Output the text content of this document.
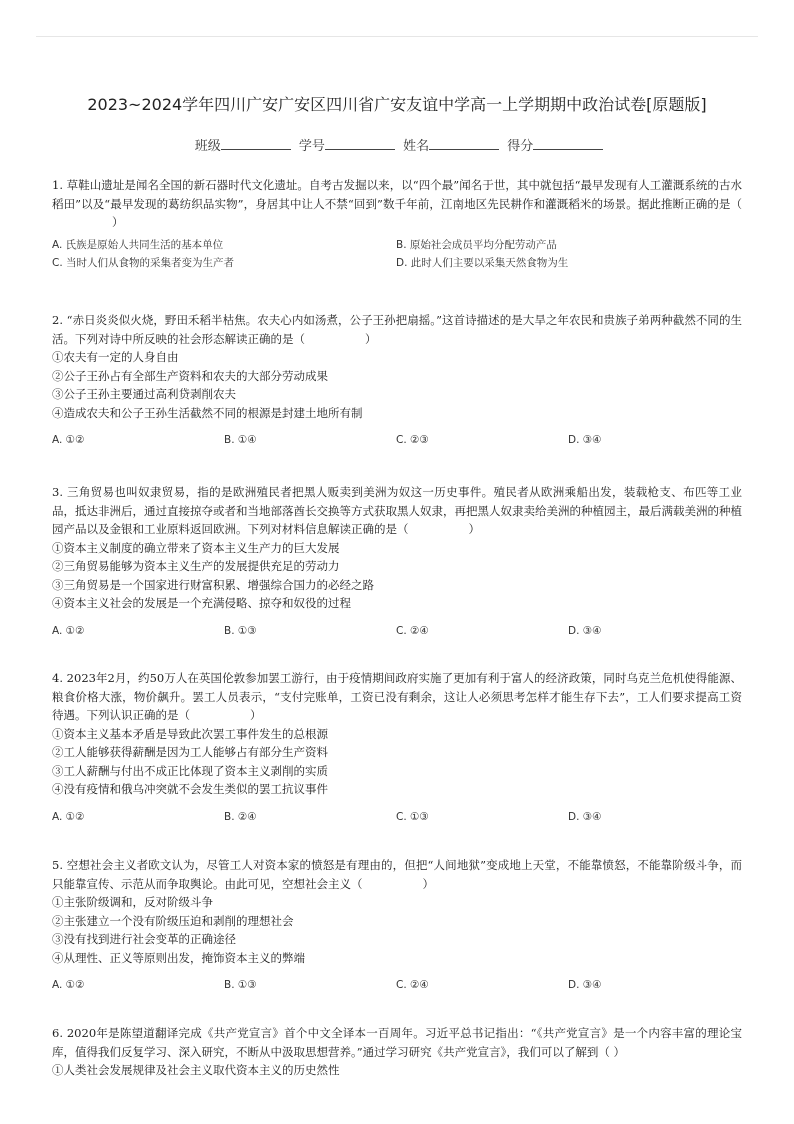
2023~2024学年四川广安广安区四川省广安友谊中学高一上学期期中政治试卷[原题版]
班级	学号	姓名	得分

1. 草鞋山遗址是闻名全国的新石器时代文化遗址。自考古发掘以来，以“四个最”闻名于世，其中就包括“最早发现有人工灌溉系统的古水稻田”以及“最早发现的葛纺织品实物”，身居其中让人不禁“回到”数千年前，江南地区先民耕作和灌溉稻米的场景。据此推断正确的是（）

A. 氏族是原始人共同生活的基本单位	B. 原始社会成员平均分配劳动产品
C. 当时人们从食物的采集者变为生产者	D. 此时人们主要以采集天然食物为生

2. “赤日炎炎似火烧，野田禾稻半枯焦。农夫心内如汤煮，公子王孙把扇摇。”这首诗描述的是大旱之年农民和贵族子弟两种截然不同的生活。下列对诗中所反映的社会形态解读正确的是（	）

①农夫有一定的人身自由

②公子王孙占有全部生产资料和农夫的大部分劳动成果

③公子王孙主要通过高利贷剥削农夫

④造成农夫和公子王孙生活截然不同的根源是封建土地所有制

A. ①②	B. ①④	C. ②③	D. ③④

3. 三角贸易也叫奴隶贸易，指的是欧洲殖民者把黑人贩卖到美洲为奴这一历史事件。殖民者从欧洲乘船出发，装载枪支、布匹等工业品，抵达非洲后，通过直接掠夺或者和当地部落酋长交换等方式获取黑人奴隶，再把黑人奴隶卖给美洲的种植园主，最后满载美洲的种植园产品以及金银和工业原料返回欧洲。下列对材料信息解读正确的是（	）

①资本主义制度的确立带来了资本主义生产力的巨大发展

②三角贸易能够为资本主义生产的发展提供充足的劳动力

③三角贸易是一个国家进行财富积累、增强综合国力的必经之路

④资本主义社会的发展是一个充满侵略、掠夺和奴役的过程

A. ①②	B. ①③	C. ②④	D. ③④

4. 2023年2月，约50万人在英国伦敦参加罢工游行，由于疫情期间政府实施了更加有利于富人的经济政策，同时乌克兰危机使得能源、粮食价格大涨，物价飙升。罢工人员表示，“支付完账单，工资已没有剩余，这让人必须思考怎样才能生存下去”，工人们要求提高工资待遇。下列认识正确的是（	）

①资本主义基本矛盾是导致此次罢工事件发生的总根源

②工人能够获得薪酬是因为工人能够占有部分生产资料

③工人薪酬与付出不成正比体现了资本主义剥削的实质

④没有疫情和俄乌冲突就不会发生类似的罢工抗议事件

A. ①②	B. ②④	C. ①③	D. ③④

5. 空想社会主义者欧文认为，尽管工人对资本家的愤怒是有理由的，但把“人间地狱”变成地上天堂，不能靠愤怒，不能靠阶级斗争，而只能靠宣传、示范从而争取舆论。由此可见，空想社会主义（	）

①主张阶级调和，反对阶级斗争

②主张建立一个没有阶级压迫和剥削的理想社会

③没有找到进行社会变革的正确途径

④从理性、正义等原则出发，掩饰资本主义的弊端

A. ①②	B. ①③	C. ②④	D. ③④

6. 2020年是陈望道翻译完成《共产党宣言》首个中文全译本一百周年。习近平总书记指出：“《共产党宣言》是一个内容丰富的理论宝库，值得我们反复学习、深入研究，不断从中汲取思想营养。”通过学习研究《共产党宣言》，我们可以了解到（ ）

①人类社会发展规律及社会主义取代资本主义的历史然性
